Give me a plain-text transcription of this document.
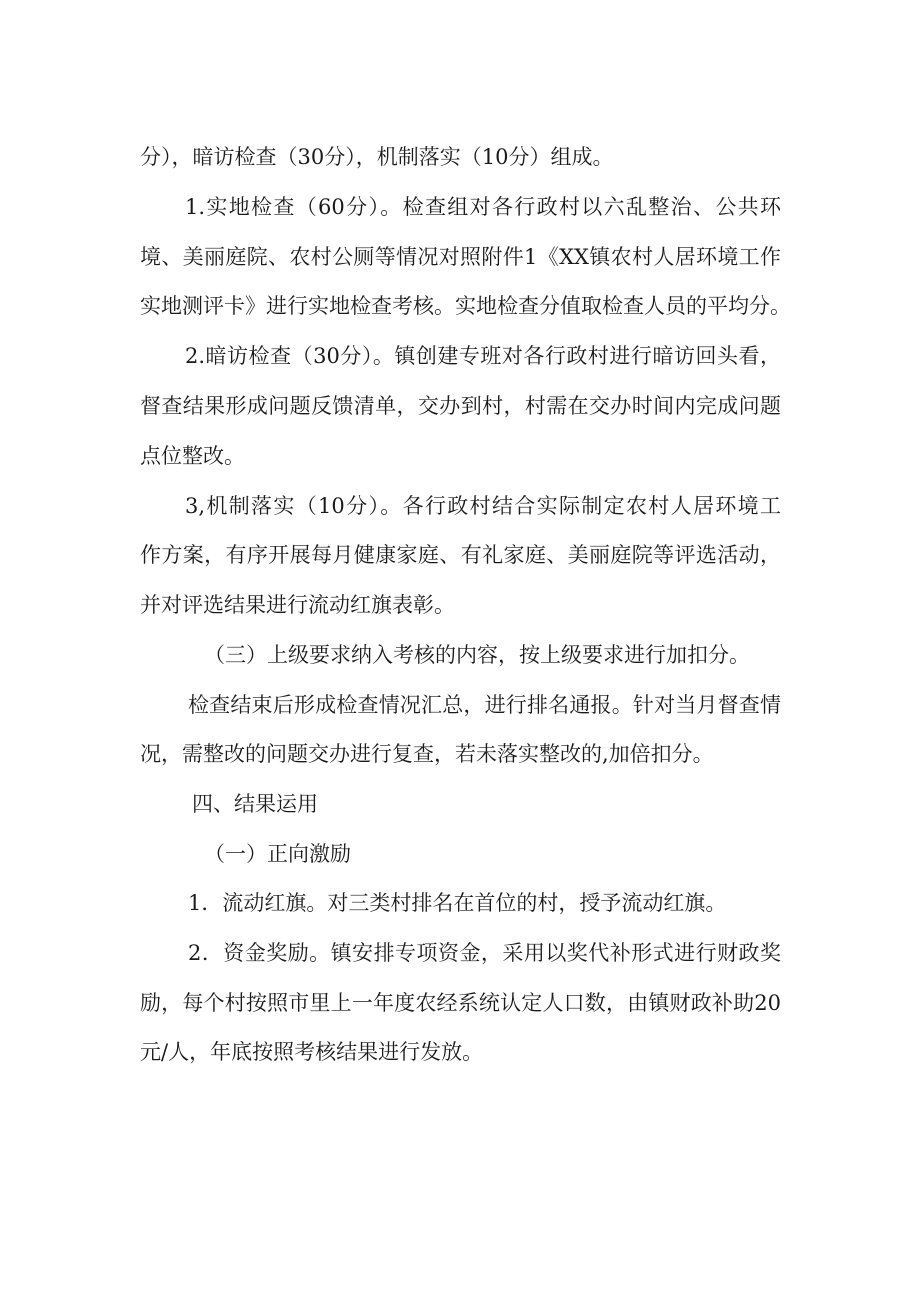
分），暗访检查（30分），机制落实（10分）组成。
1.实地检查（60分）。检查组对各行政村以六乱整治、公共环
境、美丽庭院、农村公厕等情况对照附件1《XX镇农村人居环境工作
实地测评卡》进行实地检查考核。实地检查分值取检查人员的平均分。
2.暗访检查（30分）。镇创建专班对各行政村进行暗访回头看，
督查结果形成问题反馈清单，交办到村，村需在交办时间内完成问题
点位整改。
3,机制落实（10分）。各行政村结合实际制定农村人居环境工
作方案，有序开展每月健康家庭、有礼家庭、美丽庭院等评选活动，
并对评选结果进行流动红旗表彰。
（三）上级要求纳入考核的内容，按上级要求进行加扣分。
检查结束后形成检查情况汇总，进行排名通报。针对当月督查情
况，需整改的问题交办进行复查，若未落实整改的,加倍扣分。
四、结果运用
（一）正向激励
1．流动红旗。对三类村排名在首位的村，授予流动红旗。
2．资金奖励。镇安排专项资金，采用以奖代补形式进行财政奖
励，每个村按照市里上一年度农经系统认定人口数，由镇财政补助20
元/人，年底按照考核结果进行发放。
